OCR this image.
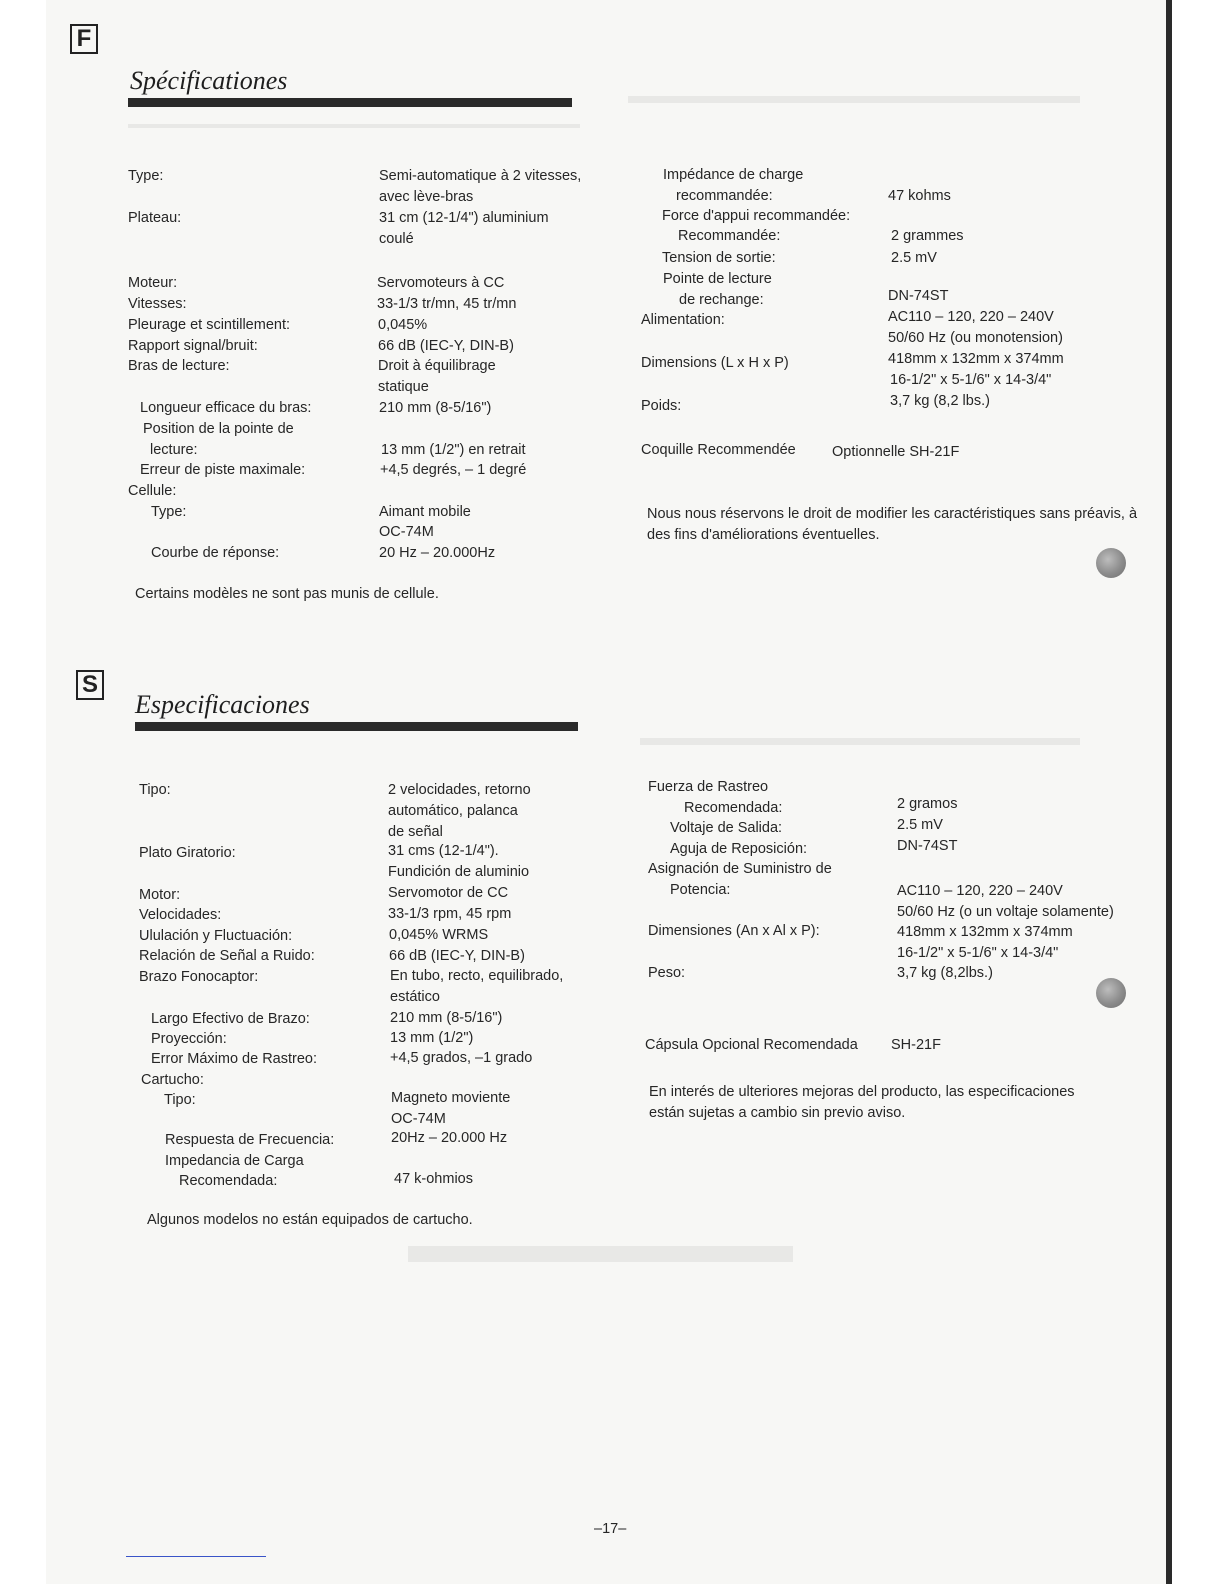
F
Spécificationes
Type:	Semi-automatique à 2 vitesses,
avec lève-bras
Plateau:	31 cm (12-1/4") aluminium
coulé
Moteur:	Servomoteurs à CC
Vitesses:	33-1/3 tr/mn, 45 tr/mn
Pleurage et scintillement:	0,045%
Rapport signal/bruit:	66 dB (IEC-Y, DIN-B)
Bras de lecture:	Droit à équilibrage
statique
Longueur efficace du bras:	210 mm (8-5/16")
Position de la pointe de
lecture:	13 mm (1/2") en retrait
Erreur de piste maximale:	+4,5 degrés, – 1 degré
Cellule:
Type:	Aimant mobile
OC-74M
Courbe de réponse:	20 Hz – 20.000Hz
Certains modèles ne sont pas munis de cellule.
Impédance de charge
recommandée:	47 kohms
Force d'appui recommandée:
Recommandée:	2 grammes
Tension de sortie:	2.5 mV
Pointe de lecture
de rechange:	DN-74ST
Alimentation:	AC110 – 120, 220 – 240V
50/60 Hz (ou monotension)
Dimensions (L x H x P)	418mm x 132mm x 374mm
16-1/2" x 5-1/6" x 14-3/4"
Poids:	3,7 kg (8,2 lbs.)
Coquille Recommendée	Optionnelle SH-21F
Nous nous réservons le droit de modifier les caractéristiques sans préavis, à des fins d'améliorations éventuelles.
S
Especificaciones
Tipo:	2 velocidades, retorno
automático, palanca
de señal
Plato Giratorio:	31 cms (12-1/4").
Fundición de aluminio
Motor:	Servomotor de CC
Velocidades:	33-1/3 rpm, 45 rpm
Ululación y Fluctuación:	0,045% WRMS
Relación de Señal a Ruido:	66 dB (IEC-Y, DIN-B)
Brazo Fonocaptor:	En tubo, recto, equilibrado,
estático
Largo Efectivo de Brazo:	210 mm (8-5/16")
Proyección:	13 mm (1/2")
Error Máximo de Rastreo:	+4,5 grados, –1 grado
Cartucho:
Tipo:	Magneto moviente
OC-74M
Respuesta de Frecuencia:	20Hz – 20.000 Hz
Impedancia de Carga
Recomendada:	47 k-ohmios
Algunos modelos no están equipados de cartucho.
Fuerza de Rastreo
Recomendada:	2 gramos
Voltaje de Salida:	2.5 mV
Aguja de Reposición:	DN-74ST
Asignación de Suministro de
Potencia:	AC110 – 120, 220 – 240V
50/60 Hz (o un voltaje solamente)
Dimensiones (An x Al x P):	418mm x 132mm x 374mm
16-1/2" x 5-1/6" x 14-3/4"
Peso:	3,7 kg (8,2lbs.)
Cápsula Opcional Recomendada SH-21F
En interés de ulteriores mejoras del producto, las especificaciones están sujetas a cambio sin previo aviso.
–17–
